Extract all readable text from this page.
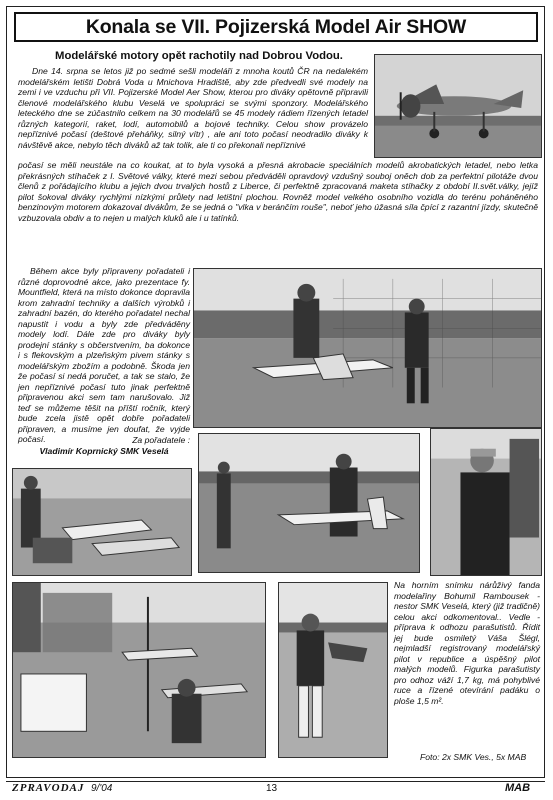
Konala se VII. Pojizerská Model Air SHOW
Modelářské motory opět rachotily nad Dobrou Vodou.
Dne 14. srpna se letos již po sedmé sešli modeláři z mnoha koutů ČR na nedalekém modelářském letišti Dobrá Voda u Mnichova Hradiště, aby zde předvedli své modely na zemi i ve vzduchu při VII. Pojizerské Model Aer Show, kterou pro diváky opětovně připravili členové modelářského klubu Veselá ve spolupráci se svými sponzory. Modelářského leteckého dne se zúčastnilo celkem na 30 modelářů se 45 modely rádiem řízených letadel různých kategorií, raket, lodí, automobilů a bojové techniky. Celou show provázelo nepříznivé počasí (deštové přeháňky, silný vítr) , ale ani toto počasí neodradilo diváky k návštěvě akce, nebylo těch diváků až tak tolik, ale ti co překonali nepříznivé
počasí se měli neustále na co koukat, at to byla vysoká a přesná akrobacie speciálních modelů akrobatických letadel, nebo letka překrásných stíhaček z I. Světové války, které mezi sebou předváděli opravdový vzdušný souboj oněch dob za perfektní pilotáže dvou členů z pořádajícího klubu a jejich dvou trvalých hostů z Liberce, či perfektně zpracovaná maketa stíhačky z období II.svět.války, jejíž pilot šokoval diváky rychlými nízkými průlety nad letištní plochou. Rovněž model velkého osobního vozidla do terénu poháněného benzinovým motorem dokazoval divákům, že se jedná o "vlka v beránčím rouše", neboť jeho úžasná síla čpící z razantní jízdy, skutečně vzbuzovala obdiv a to nejen u malých kluků ale i u tatínků.
Během akce byly připraveny pořadateli i různé doprovodné akce, jako prezentace fy. Mountfield, která na místo dokonce dopravila krom zahradní techniky a dalších výrobků i zahradní bazén, do kterého pořadatel nechal napustit i vodu a byly zde předváděny modely lodí. Dále zde pro diváky byly prodejní stánky s občerstvením, ba dokonce i s flekovským a plzeňským pivem stánky s modelářským zbožím a podobně. Škoda jen že počasí si nedá poručet, a tak se stalo, že jen nepříznivé počasí tuto jinak perfektně připravenou akci sem tam narušovalo. Již teď se můžeme těšit na příští ročník, který bude zcela jistě opět dobře pořadateli připraven, a musíme jen doufat, že vyjde počasí.	Za pořadatele :
Vladimír Koprnický SMK Veselá
Na horním snímku nárůživý fanda modelařiny Bohumil Rambousek - nestor SMK Veselá, který (již tradičně) celou akci odkomentoval.. Vedle - příprava k odhozu parašutistů. Řídit jej bude osmiletý Váša Šlégl, nejmladší registrovaný modelářský pilot v republice a úspěšný pilot malých modelů. Figurka parašutisty pro odhoz váží 1,7 kg, má pohyblivé ruce a řízené otevírání padáku o ploše 1,5 m².
Foto: 2x SMK Ves., 5x MAB
ZPRAVODAJ 9/'04	13	MAB
